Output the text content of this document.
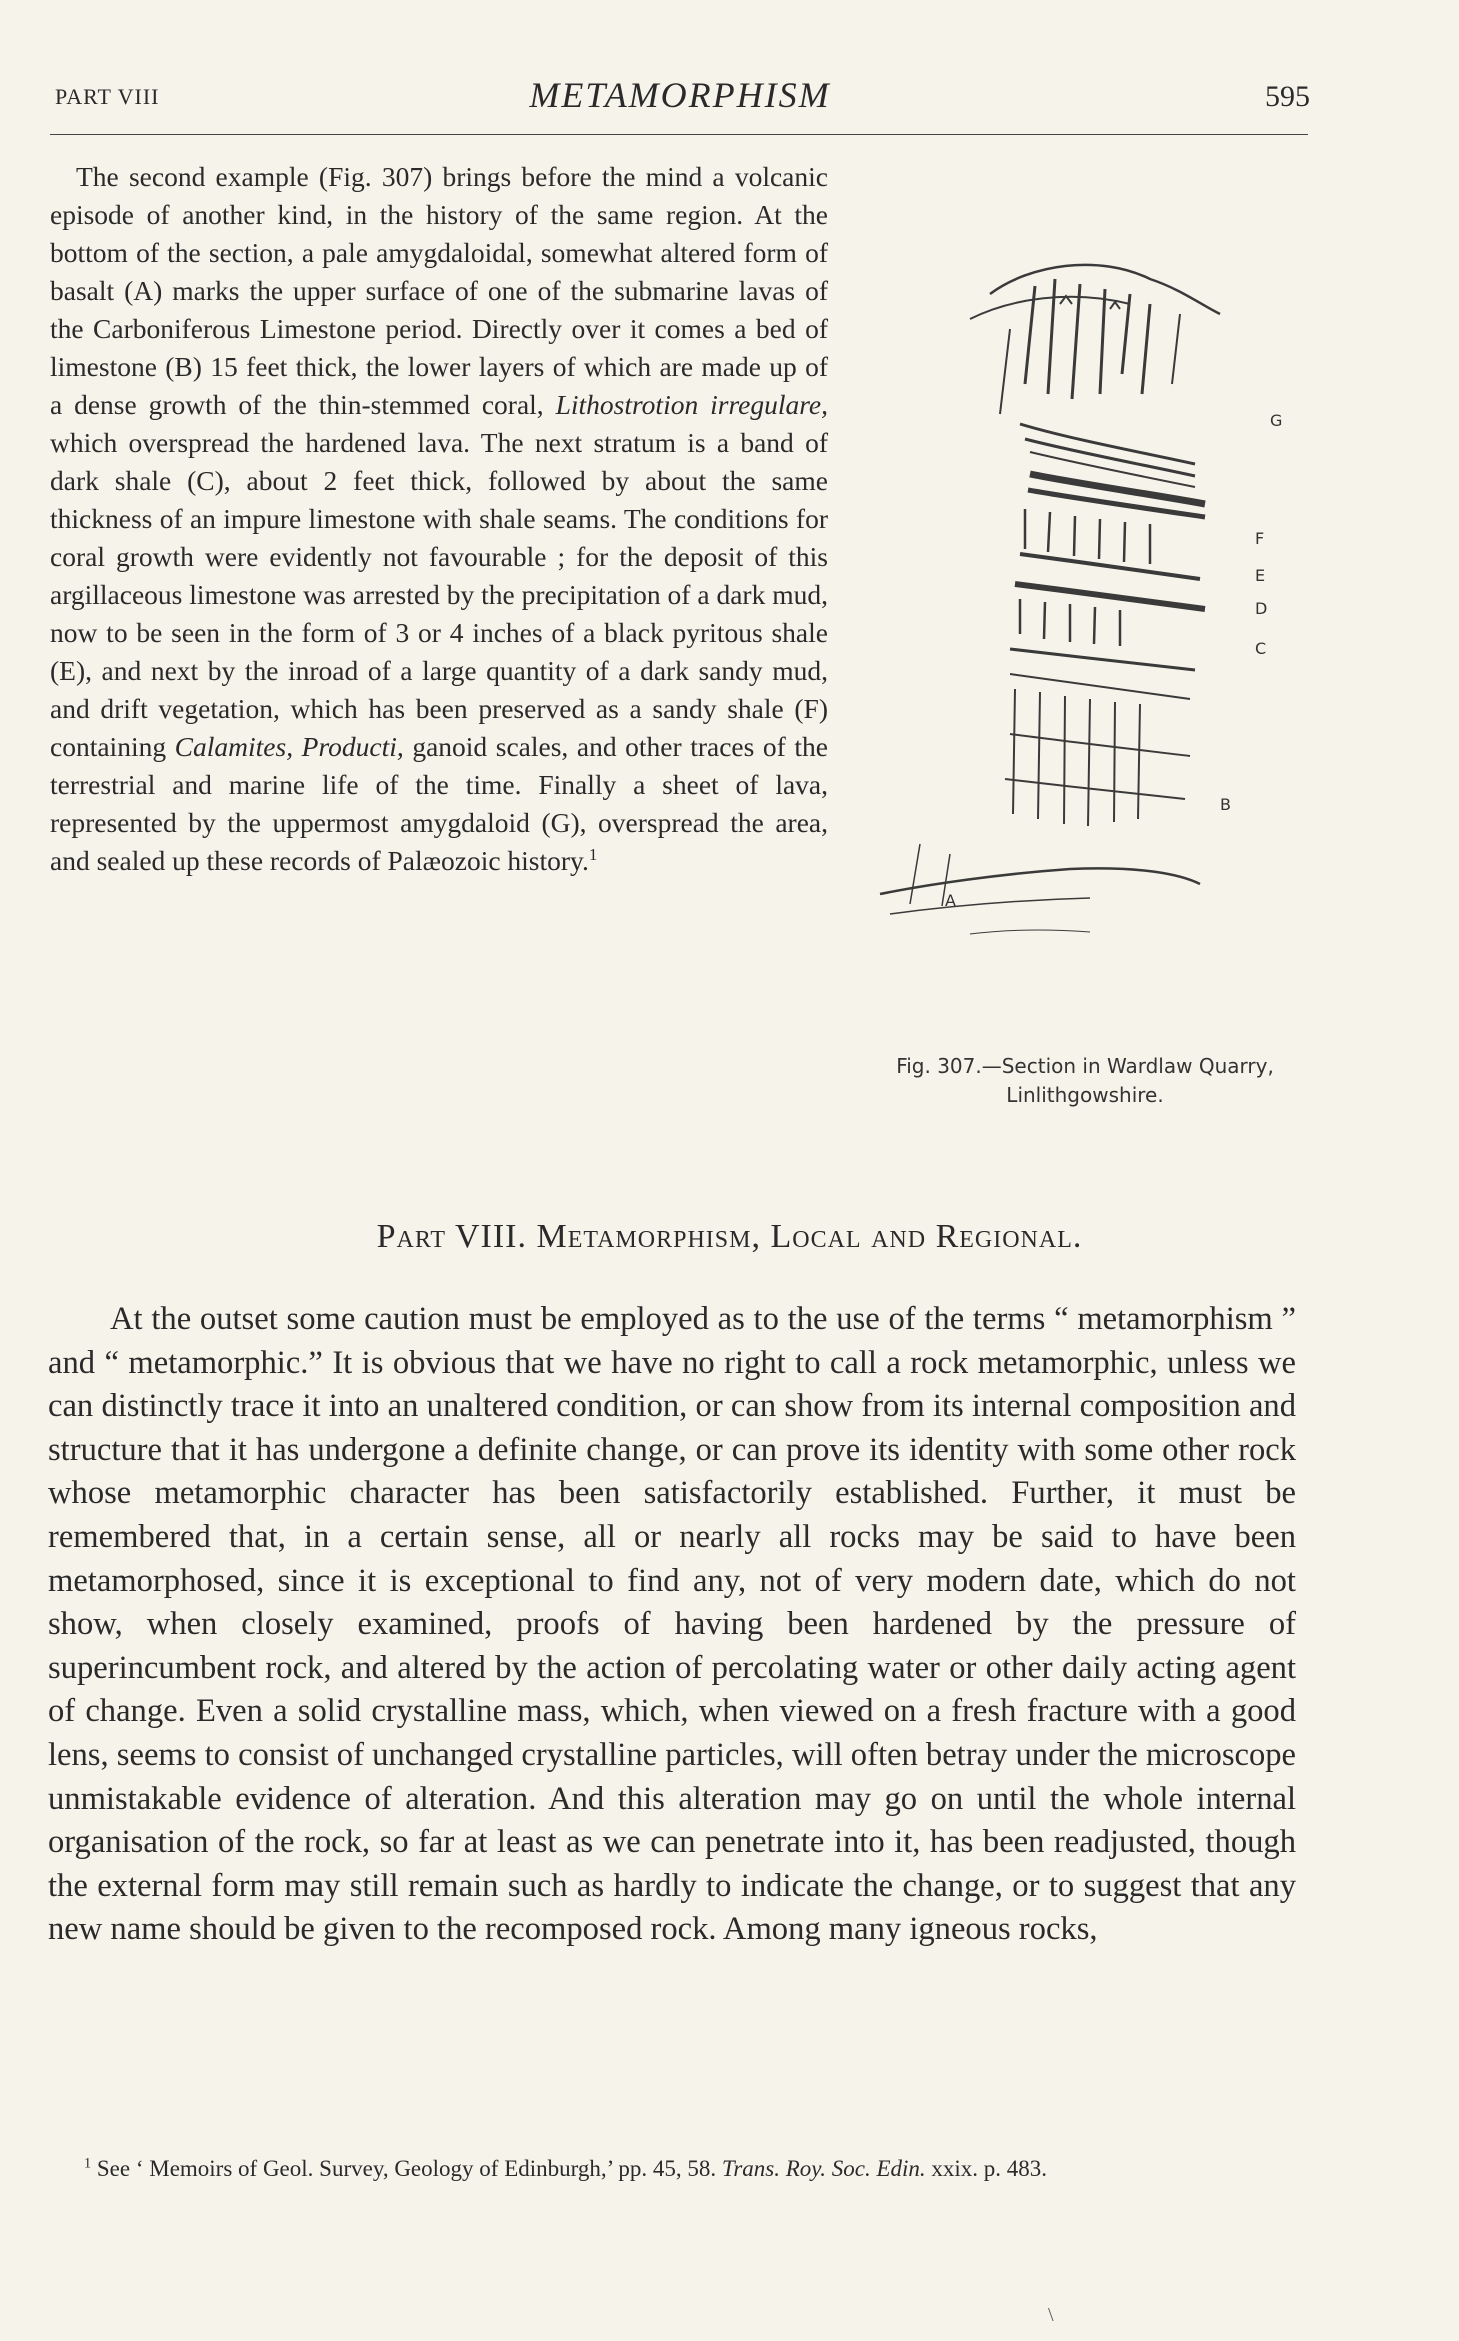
PART VIII	METAMORPHISM	595
G
F
E
D
C
B
A
Fig. 307.—Section in Wardlaw Quarry,
Linlithgowshire.

The second example (Fig. 307) brings before the mind a volcanic episode of another kind, in the history of the same region. At the bottom of the section, a pale amygdaloidal, somewhat altered form of basalt (A) marks the upper surface of one of the submarine lavas of the Carboniferous Limestone period. Directly over it comes a bed of limestone (B) 15 feet thick, the lower layers of which are made up of a dense growth of the thin-stemmed coral, Lithostrotion irregulare, which overspread the hardened lava. The next stratum is a band of dark shale (C), about 2 feet thick, followed by about the same thickness of an impure limestone with shale seams. The conditions for coral growth were evidently not favourable ; for the deposit of this argillaceous limestone was arrested by the precipitation of a dark mud, now to be seen in the form of 3 or 4 inches of a black pyritous shale (E), and next by the inroad of a large quantity of a dark sandy mud, and drift vegetation, which has been preserved as a sandy shale (F) containing Calamites, Producti, ganoid scales, and other traces of the terrestrial and marine life of the time. Finally a sheet of lava, represented by the uppermost amygdaloid (G), overspread the area, and sealed up these records of Palæozoic history.$^1$

Part VIII. Metamorphism, Local and Regional.

At the outset some caution must be employed as to the use of the terms “ metamorphism ” and “ metamorphic.” It is obvious that we have no right to call a rock metamorphic, unless we can distinctly trace it into an unaltered condition, or can show from its internal composition and structure that it has undergone a definite change, or can prove its identity with some other rock whose metamorphic character has been satisfactorily established. Further, it must be remembered that, in a certain sense, all or nearly all rocks may be said to have been metamorphosed, since it is exceptional to find any, not of very modern date, which do not show, when closely examined, proofs of having been hardened by the pressure of superincumbent rock, and altered by the action of percolating water or other daily acting agent of change. Even a solid crystalline mass, which, when viewed on a fresh fracture with a good lens, seems to consist of unchanged crystalline particles, will often betray under the microscope unmistakable evidence of alteration. And this alteration may go on until the whole internal organisation of the rock, so far at least as we can penetrate into it, has been readjusted, though the external form may still remain such as hardly to indicate the change, or to suggest that any new name should be given to the recomposed rock. Among many igneous rocks,

$^1$ See ‘ Memoirs of Geol. Survey, Geology of Edinburgh,’ pp. 45, 58. Trans. Roy. Soc. Edin. xxix. p. 483.

\
